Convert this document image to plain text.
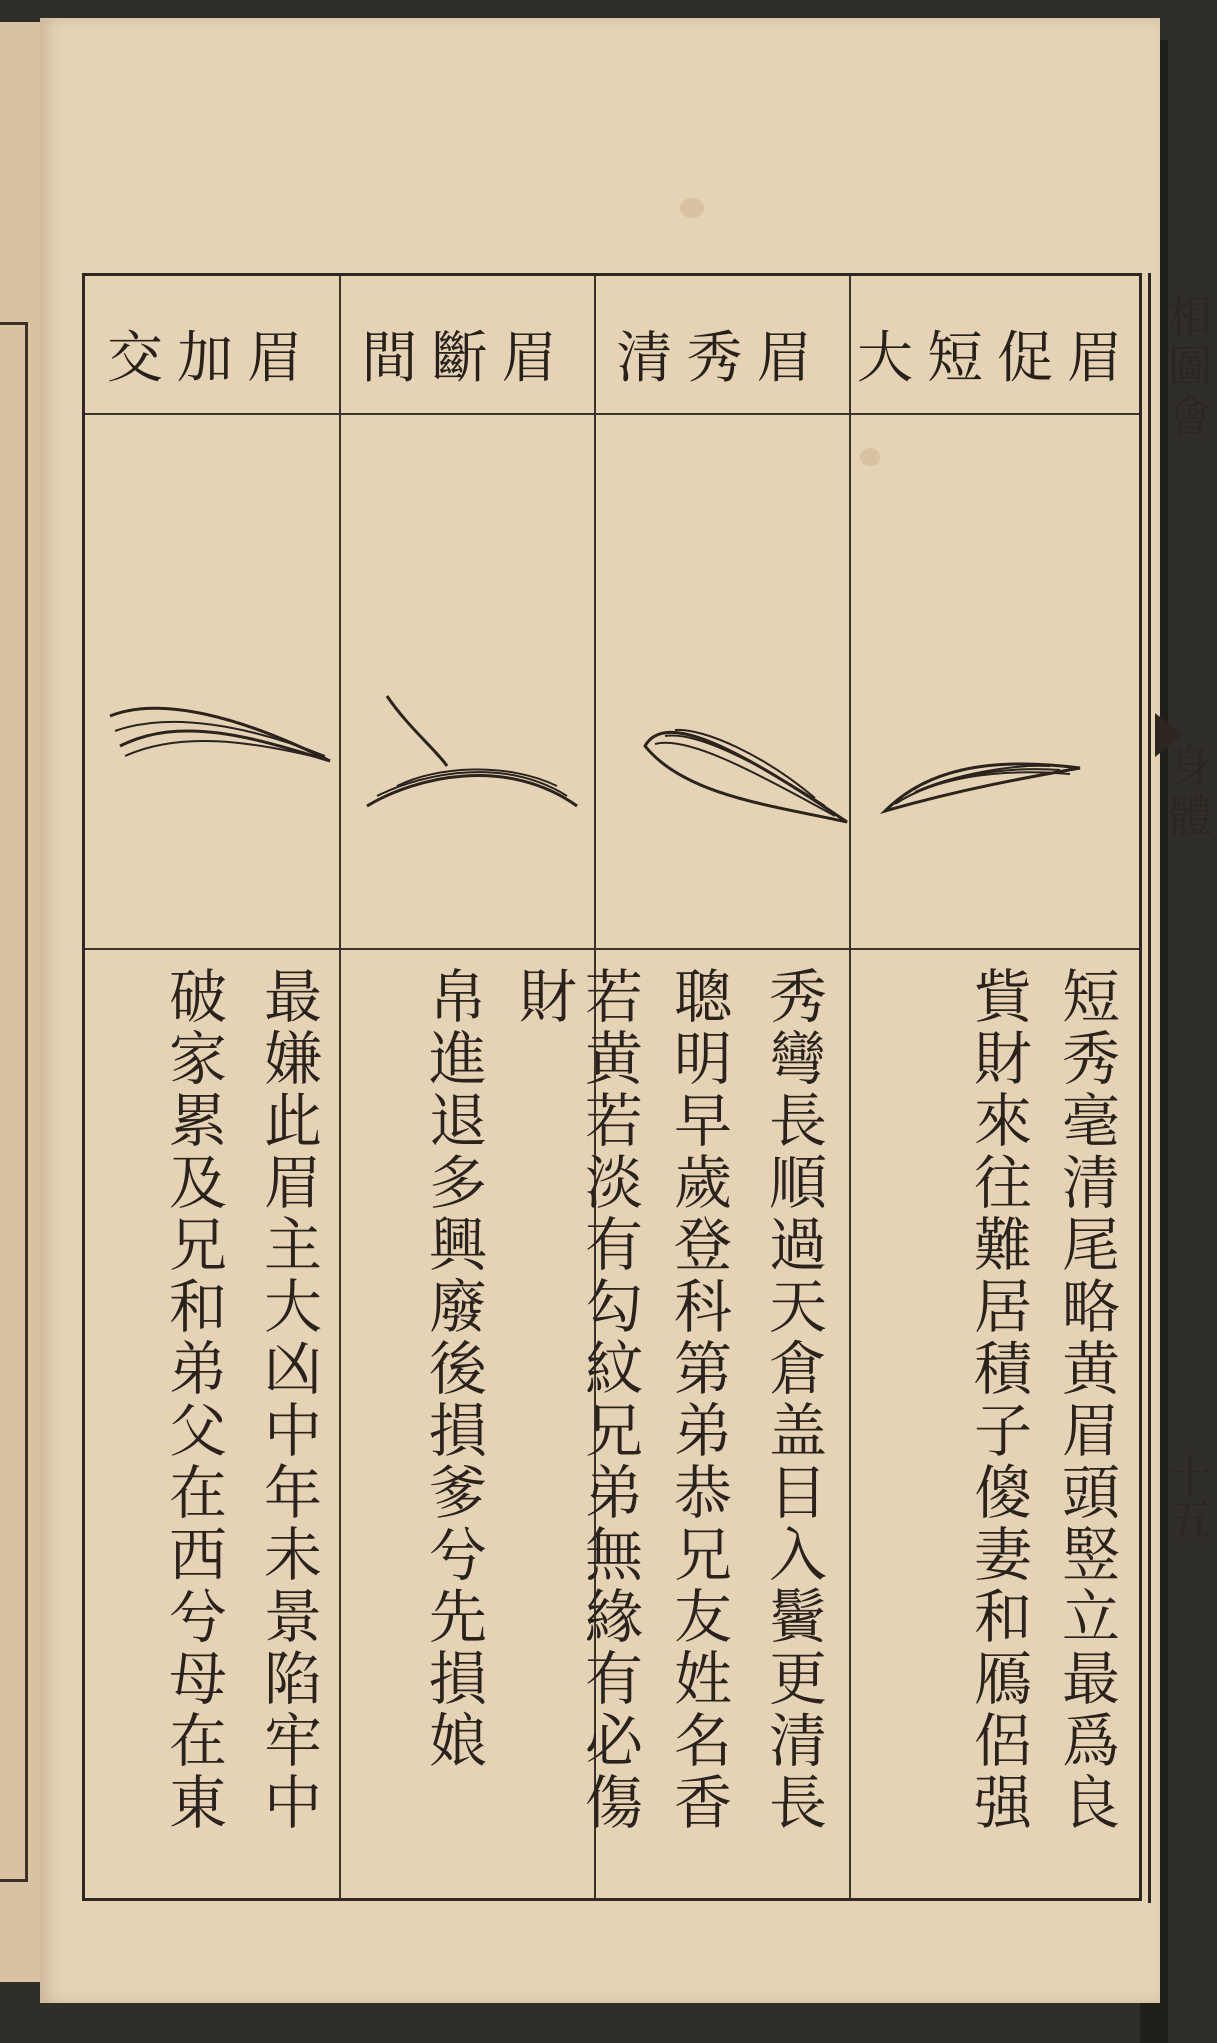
大短促眉
清秀眉
間斷眉
交加眉
短秀毫清尾略黄眉頭竪立最爲良
貲財來往難居積子傻妻和鴈侶强
秀彎長順過天倉盖目入鬢更清長
聰明早歲登科第弟恭兄友姓名香
若黄若淡有勾紋兄弟無緣有必傷財
帛進退多興廢後損爹兮先損娘
最嫌此眉主大凶中年未景陷牢中
破家累及兄和弟父在西兮母在東
相圖會
身體
十五
